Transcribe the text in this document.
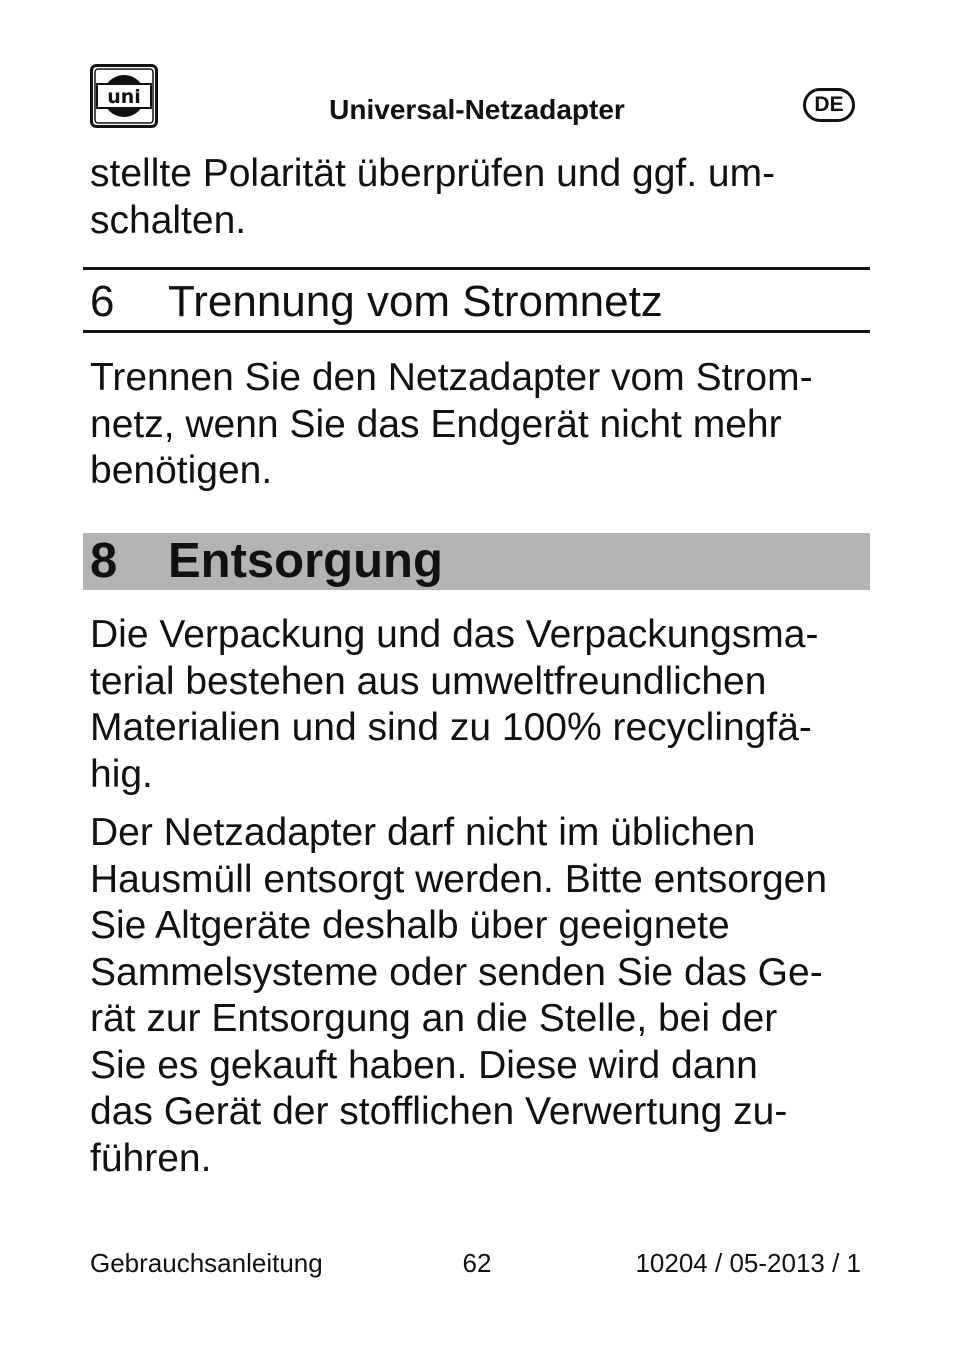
uni	Universal-Netzadapter	DE
stellte Polarität überprüfen und ggf. um-
schalten.
6 Trennung vom Stromnetz
Trennen Sie den Netzadapter vom Strom-
netz, wenn Sie das Endgerät nicht mehr
benötigen.
8 Entsorgung
Die Verpackung und das Verpackungsma-
terial bestehen aus umweltfreundlichen
Materialien und sind zu 100% recyclingfä-
hig.
Der Netzadapter darf nicht im üblichen
Hausmüll entsorgt werden. Bitte entsorgen
Sie Altgeräte deshalb über geeignete
Sammelsysteme oder senden Sie das Ge-
rät zur Entsorgung an die Stelle, bei der
Sie es gekauft haben. Diese wird dann
das Gerät der stofflichen Verwertung zu-
führen.
Gebrauchsanleitung	62	10204 / 05-2013 / 1
